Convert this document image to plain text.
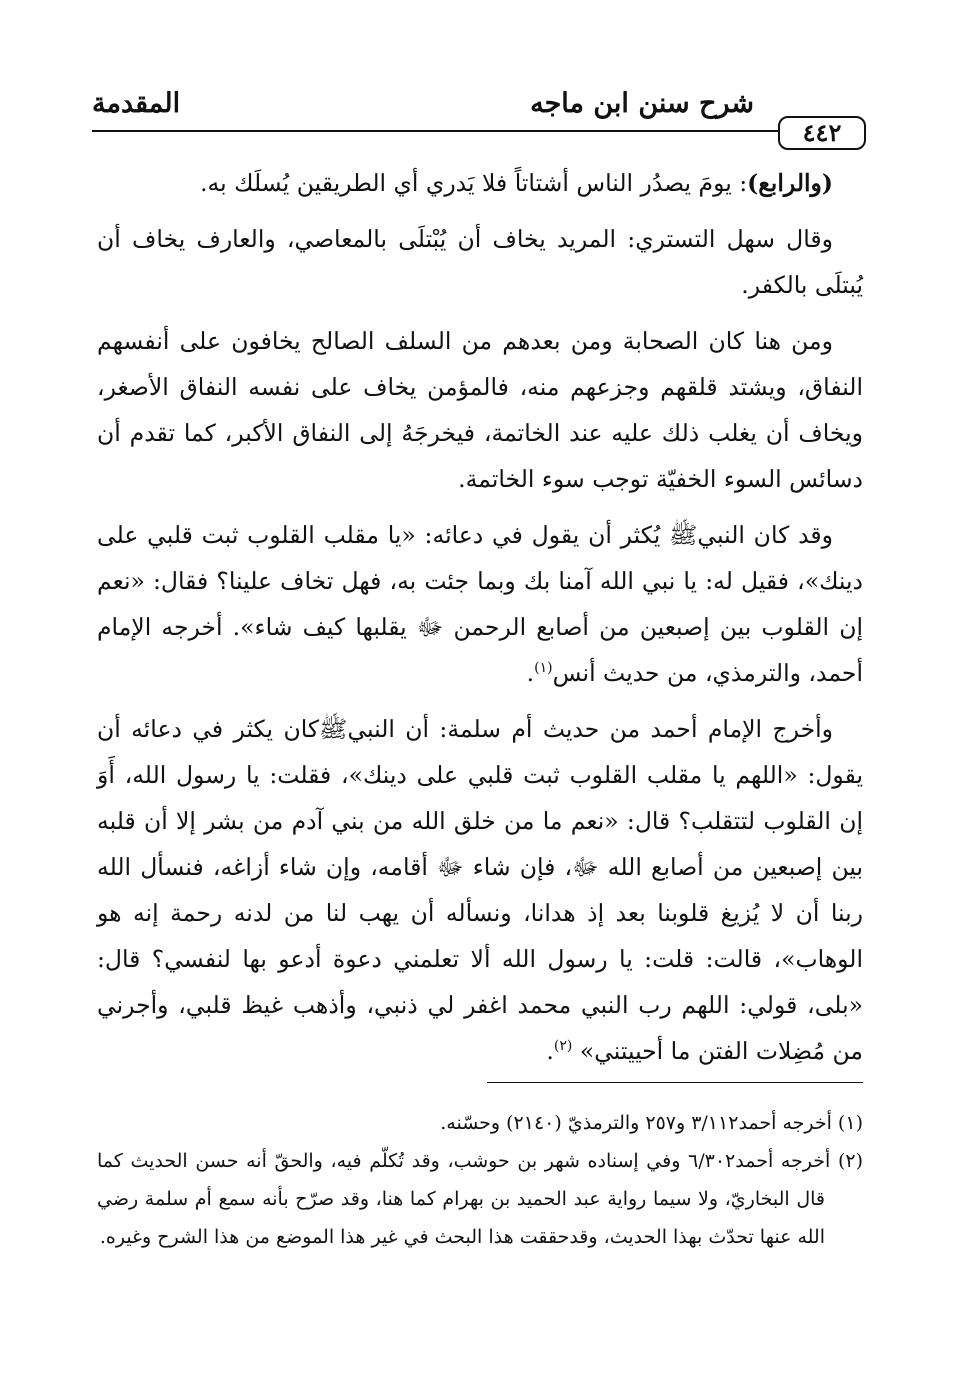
شرح سنن ابن ماجه
المقدمة
٤٤٢

(والرابع): يومَ يصدُر الناس أشتاتاً فلا يَدري أي الطريقين يُسلَك به.

وقال سهل التستري: المريد يخاف أن يُبْتلَى بالمعاصي، والعارف يخاف أن يُبتلَى بالكفر.

ومن هنا كان الصحابة ومن بعدهم من السلف الصالح يخافون على أنفسهم النفاق، ويشتد قلقهم وجزعهم منه، فالمؤمن يخاف على نفسه النفاق الأصغر، ويخاف أن يغلب ذلك عليه عند الخاتمة، فيخرجَهُ إلى النفاق الأكبر، كما تقدم أن دسائس السوء الخفيّة توجب سوء الخاتمة.

وقد كان النبيﷺ يُكثر أن يقول في دعائه: «يا مقلب القلوب ثبت قلبي على دينك»، فقيل له: يا نبي الله آمنا بك وبما جئت به، فهل تخاف علينا؟ فقال: «نعم إن القلوب بين إصبعين من أصابع الرحمن ﷻ يقلبها كيف شاء». أخرجه الإمام أحمد، والترمذي، من حديث أنس$^{(١)}$.

وأخرج الإمام أحمد من حديث أم سلمة: أن النبيﷺكان يكثر في دعائه أن يقول: «اللهم يا مقلب القلوب ثبت قلبي على دينك»، فقلت: يا رسول الله، أَوَ إن القلوب لتتقلب؟ قال: «نعم ما من خلق الله من بني آدم من بشر إلا أن قلبه بين إصبعين من أصابع الله ﷻ، فإن شاء ﷻ أقامه، وإن شاء أزاغه، فنسأل الله ربنا أن لا يُزيغ قلوبنا بعد إذ هدانا، ونسأله أن يهب لنا من لدنه رحمة إنه هو الوهاب»، قالت: قلت: يا رسول الله ألا تعلمني دعوة أدعو بها لنفسي؟ قال: «بلى، قولي: اللهم رب النبي محمد اغفر لي ذنبي، وأذهب غيظ قلبي، وأجرني من مُضِلات الفتن ما أحييتني» $^{(٢)}$.

(١) أخرجه أحمد٣/١١٢ و٢٥٧ والترمذيّ (٢١٤٠) وحسّنه.

(٢) أخرجه أحمد٦/٣٠٢ وفي إسناده شهر بن حوشب، وقد تُكلّم فيه، والحقّ أنه حسن الحديث كما قال البخاريّ، ولا سيما رواية عبد الحميد بن بهرام كما هنا، وقد صرّح بأنه سمع أم سلمة رضي الله عنها تحدّث بهذا الحديث، وقدحققت هذا البحث في غير هذا الموضع من هذا الشرح وغيره.
